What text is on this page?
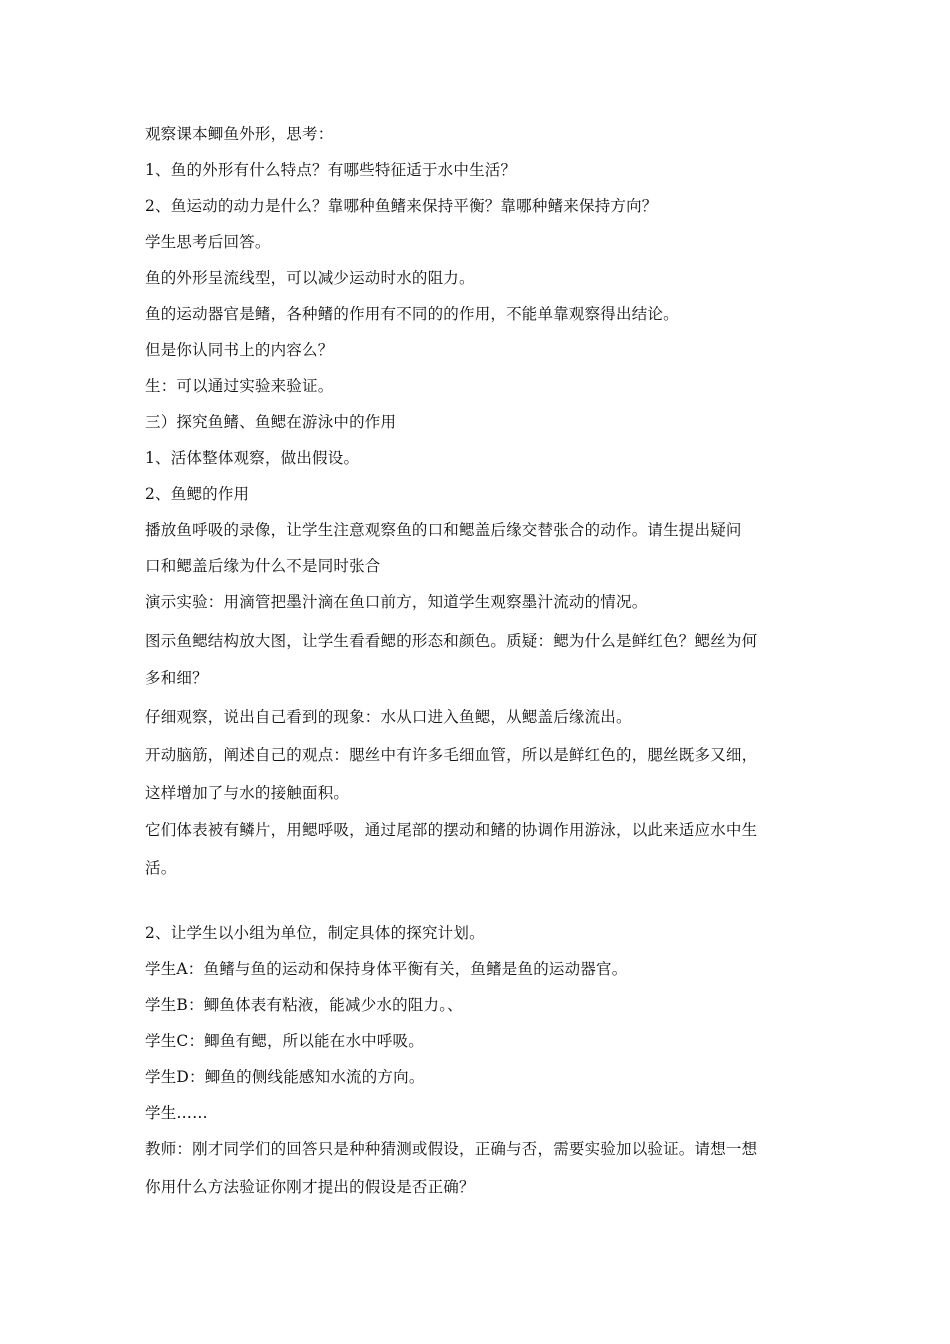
观察课本鲫鱼外形，思考：
1、鱼的外形有什么特点？有哪些特征适于水中生活？
2、鱼运动的动力是什么？靠哪种鱼鳍来保持平衡？靠哪种鳍来保持方向？
学生思考后回答。
鱼的外形呈流线型，可以减少运动时水的阻力。
鱼的运动器官是鳍，各种鳍的作用有不同的的作用，不能单靠观察得出结论。
但是你认同书上的内容么？
生：可以通过实验来验证。
三）探究鱼鳍、鱼鳃在游泳中的作用
1、活体整体观察，做出假设。
2、鱼鳃的作用
播放鱼呼吸的录像，让学生注意观察鱼的口和鳃盖后缘交替张合的动作。请生提出疑问
口和鳃盖后缘为什么不是同时张合
演示实验：用滴管把墨汁滴在鱼口前方，知道学生观察墨汁流动的情况。
图示鱼鳃结构放大图，让学生看看鳃的形态和颜色。质疑：鳃为什么是鲜红色？鳃丝为何
多和细？
仔细观察，说出自己看到的现象：水从口进入鱼鳃，从鳃盖后缘流出。
开动脑筋，阐述自己的观点：腮丝中有许多毛细血管，所以是鲜红色的，腮丝既多又细，
这样增加了与水的接触面积。
它们体表被有鳞片，用鳃呼吸，通过尾部的摆动和鳍的协调作用游泳，以此来适应水中生
活。
2、让学生以小组为单位，制定具体的探究计划。
学生A：鱼鳍与鱼的运动和保持身体平衡有关，鱼鳍是鱼的运动器官。
学生B：鲫鱼体表有粘液，能减少水的阻力。、
学生C：鲫鱼有鳃，所以能在水中呼吸。
学生D：鲫鱼的侧线能感知水流的方向。
学生……
教师：刚才同学们的回答只是种种猜测或假设，正确与否，需要实验加以验证。请想一想
你用什么方法验证你刚才提出的假设是否正确？
